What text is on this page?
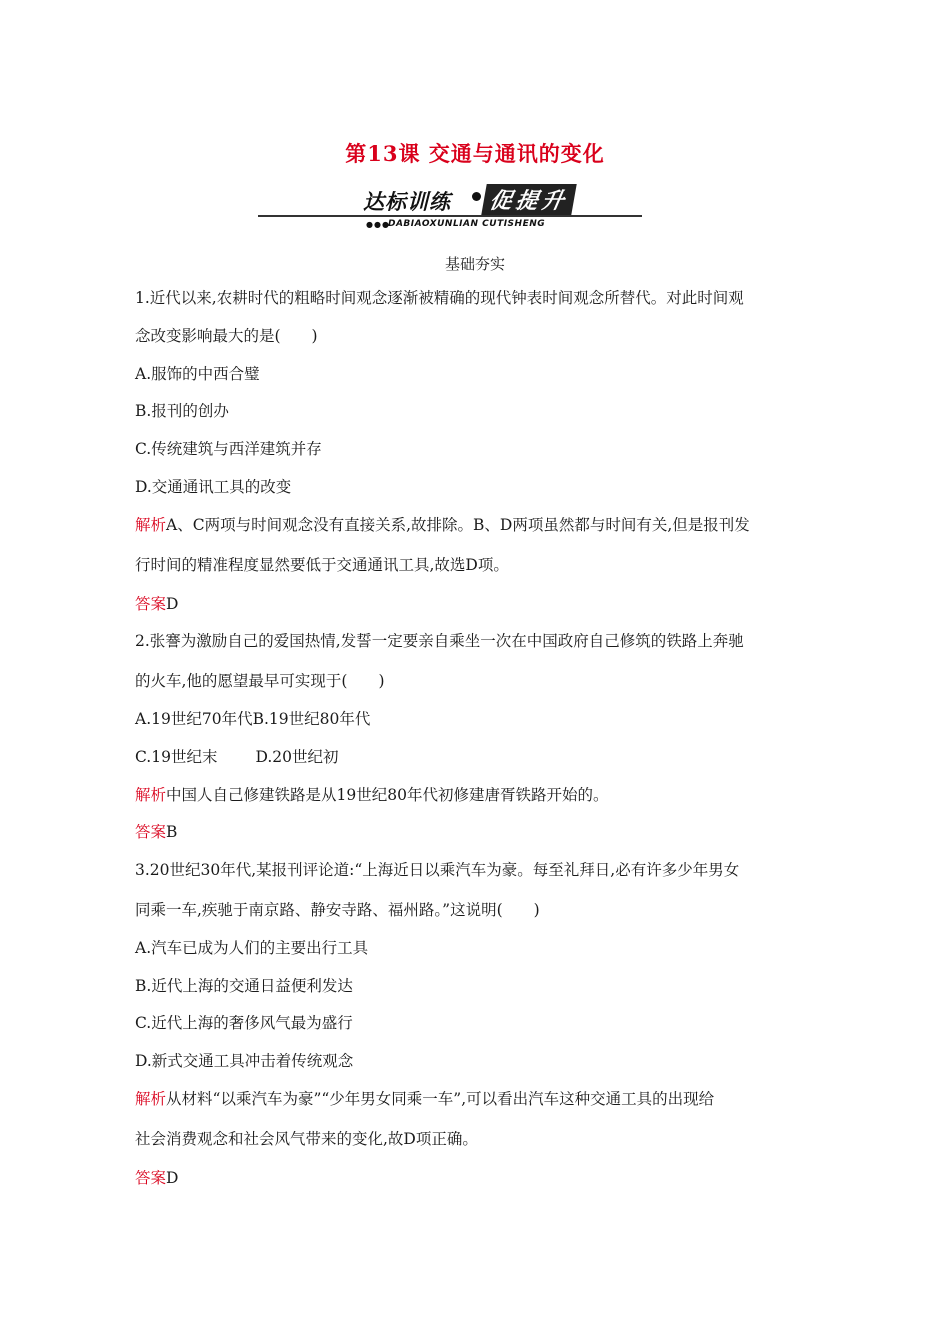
第13课 交通与通讯的变化
达标训练 促提升
●●●
DABIAOXUNLIAN CUTISHENG
基础夯实
1.近代以来,农耕时代的粗略时间观念逐渐被精确的现代钟表时间观念所替代。对此时间观
念改变影响最大的是(　　)
A.服饰的中西合璧
B.报刊的创办
C.传统建筑与西洋建筑并存
D.交通通讯工具的改变
解析A、C两项与时间观念没有直接关系,故排除。B、D两项虽然都与时间有关,但是报刊发
行时间的精准程度显然要低于交通通讯工具,故选D项。
答案D
2.张謇为激励自己的爱国热情,发誓一定要亲自乘坐一次在中国政府自己修筑的铁路上奔驰
的火车,他的愿望最早可实现于(　　)
A.19世纪70年代B.19世纪80年代
C.19世纪末 D.20世纪初
解析中国人自己修建铁路是从19世纪80年代初修建唐胥铁路开始的。
答案B
3.20世纪30年代,某报刊评论道:“上海近日以乘汽车为豪。每至礼拜日,必有许多少年男女
同乘一车,疾驰于南京路、静安寺路、福州路。”这说明(　　)
A.汽车已成为人们的主要出行工具
B.近代上海的交通日益便利发达
C.近代上海的奢侈风气最为盛行
D.新式交通工具冲击着传统观念
解析从材料“以乘汽车为豪”“少年男女同乘一车”,可以看出汽车这种交通工具的出现给
社会消费观念和社会风气带来的变化,故D项正确。
答案D
